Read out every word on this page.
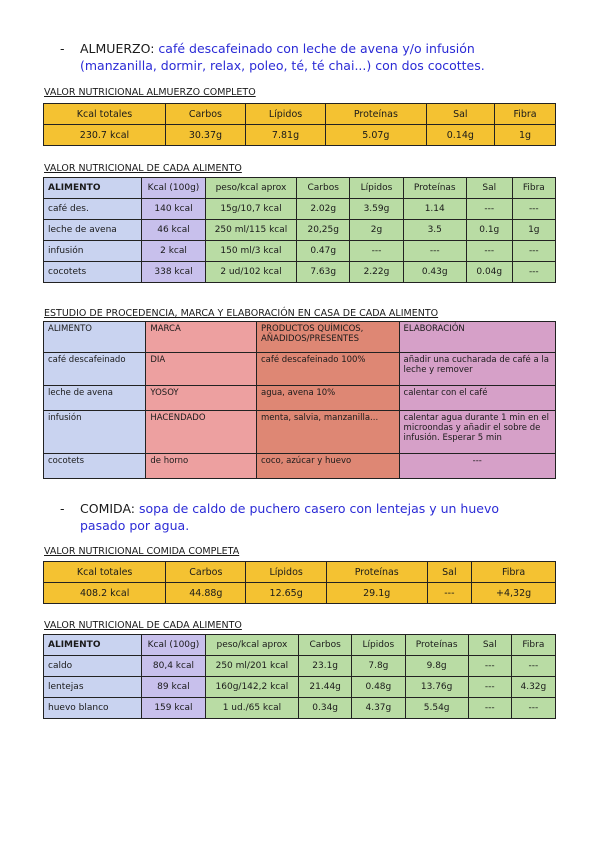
- ALMUERZO: café descafeinado con leche de avena y/o infusión (manzanilla, dormir, relax, poleo, té, té chai...) con dos cocottes.
VALOR NUTRICIONAL ALMUERZO COMPLETO
Kcal totales	Carbos	Lípidos	Proteínas	Sal	Fibra
230.7 kcal	30.37g	7.81g	5.07g	0.14g	1g
VALOR NUTRICIONAL DE CADA ALIMENTO
ALIMENTO	Kcal (100g)	peso/kcal aprox	Carbos	Lípidos	Proteínas	Sal	Fibra
café des.	140 kcal	15g/10,7 kcal	2.02g	3.59g	1.14	---	---
leche de avena	46 kcal	250 ml/115 kcal	20,25g	2g	3.5	0.1g	1g
infusión	2 kcal	150 ml/3 kcal	0.47g	---	---	---	---
cocotets	338 kcal	2 ud/102 kcal	7.63g	2.22g	0.43g	0.04g	---
ESTUDIO DE PROCEDENCIA, MARCA Y ELABORACIÓN EN CASA DE CADA ALIMENTO
ALIMENTO	MARCA	PRODUCTOS QUÍMICOS, AÑADIDOS/PRESENTES	ELABORACIÓN
café descafeinado	DIA	café descafeinado 100%	añadir una cucharada de café a la leche y remover
leche de avena	YOSOY	agua, avena 10%	calentar con el café
infusión	HACENDADO	menta, salvia, manzanilla...	calentar agua durante 1 min en el microondas y añadir el sobre de infusión. Esperar 5 min
cocotets	de horno	coco, azúcar y huevo	---
- COMIDA: sopa de caldo de puchero casero con lentejas y un huevo pasado por agua.
VALOR NUTRICIONAL COMIDA COMPLETA
Kcal totales	Carbos	Lípidos	Proteínas	Sal	Fibra
408.2 kcal	44.88g	12.65g	29.1g	---	+4,32g
VALOR NUTRICIONAL DE CADA ALIMENTO
ALIMENTO	Kcal (100g)	peso/kcal aprox	Carbos	Lípidos	Proteínas	Sal	Fibra
caldo	80,4 kcal	250 ml/201 kcal	23.1g	7.8g	9.8g	---	---
lentejas	89 kcal	160g/142,2 kcal	21.44g	0.48g	13.76g	---	4.32g
huevo blanco	159 kcal	1 ud./65 kcal	0.34g	4.37g	5.54g	---	---
